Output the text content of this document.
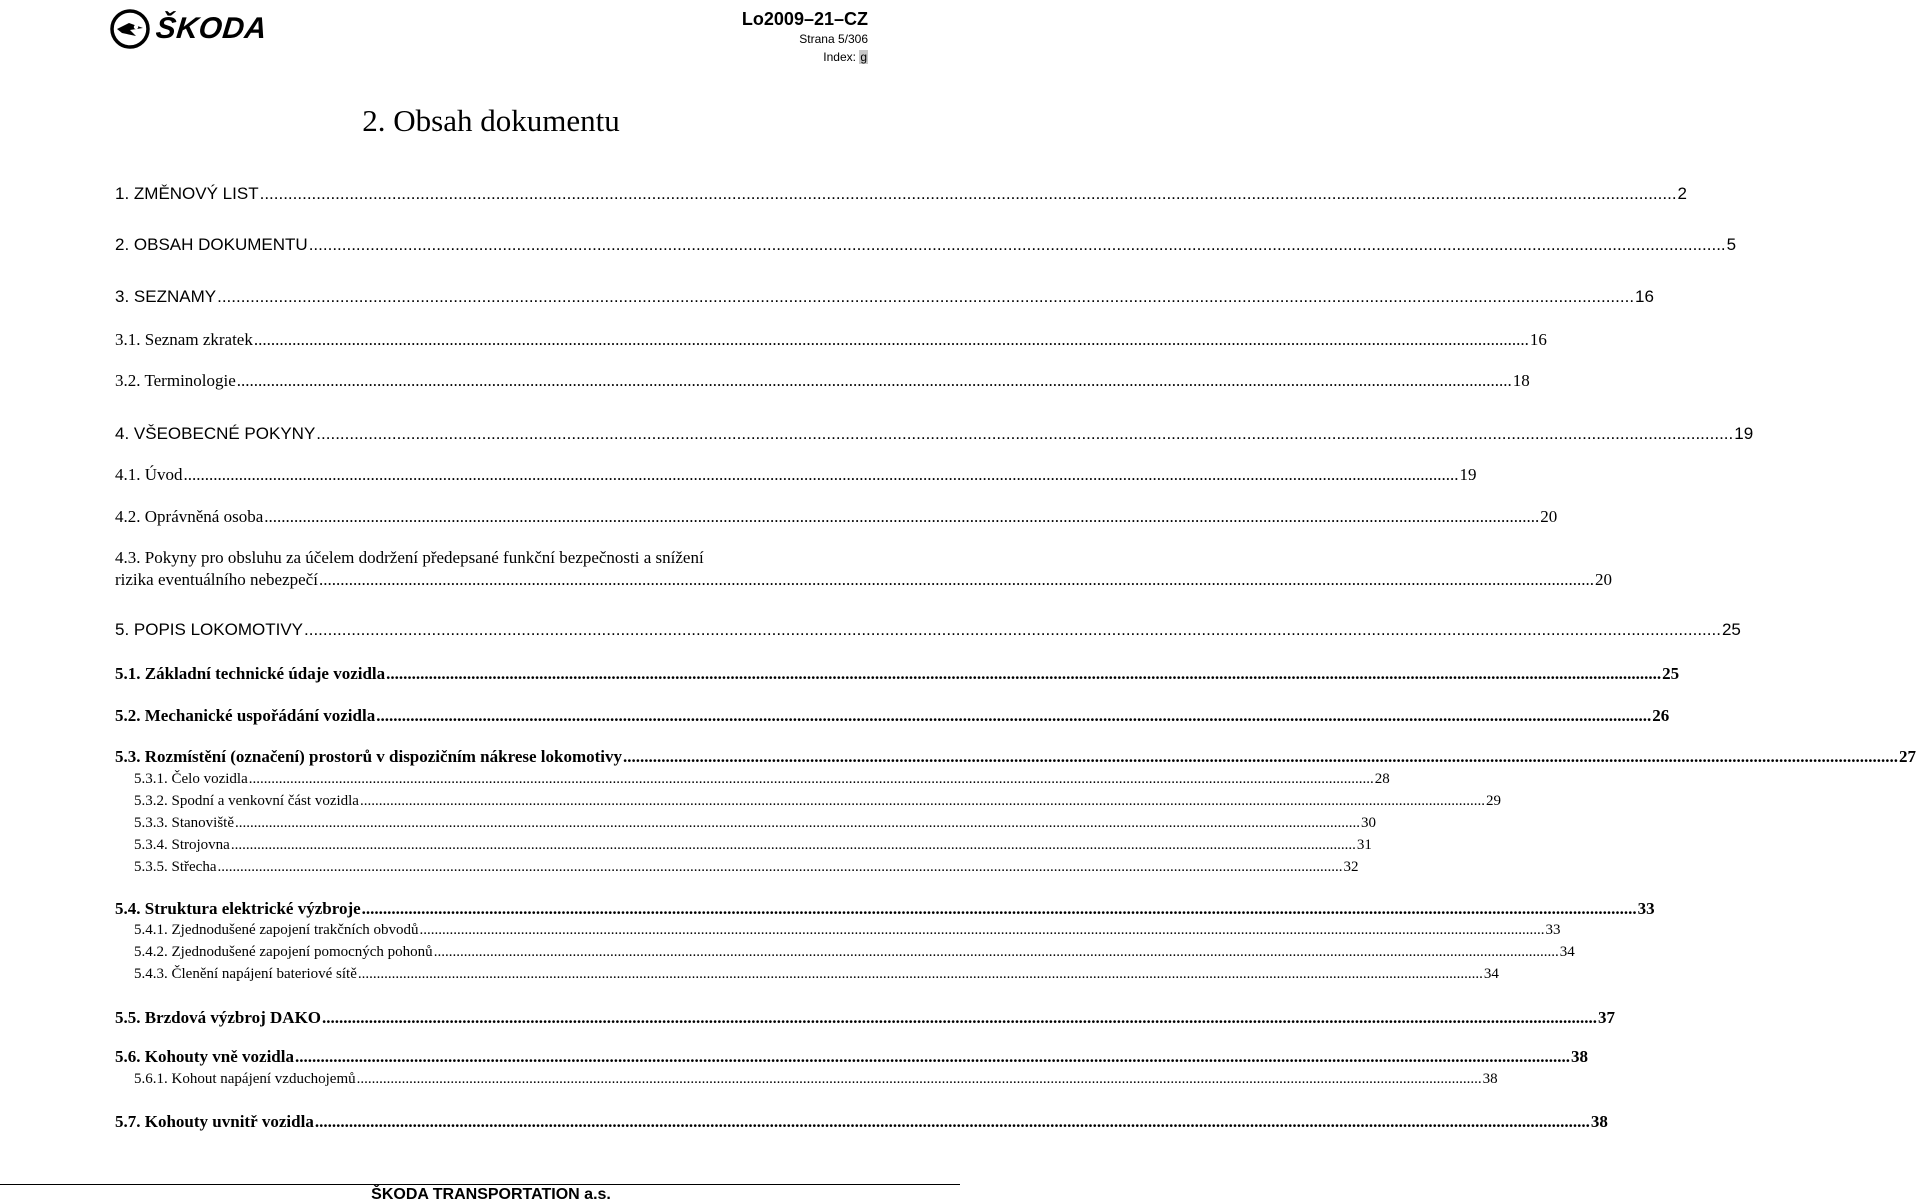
ŠKODA	Lo2009–21–CZ
Strana 5/306
Index: g
2. Obsah dokumentu
1. ZMĚNOVÝ LIST ............................................................................................................................................................................................................................................................................................................ 2
2. OBSAH DOKUMENTU ............................................................................................................................................................................................................................................................................................................ 5
3. SEZNAMY ............................................................................................................................................................................................................................................................................................................ 16
3.1. Seznam zkratek ............................................................................................................................................................................................................................................................................................................ 16
3.2. Terminologie ............................................................................................................................................................................................................................................................................................................ 18
4. VŠEOBECNÉ POKYNY ............................................................................................................................................................................................................................................................................................................ 19
4.1. Úvod ............................................................................................................................................................................................................................................................................................................ 19
4.2. Oprávněná osoba ............................................................................................................................................................................................................................................................................................................ 20
4.3. Pokyny pro obsluhu za účelem dodržení předepsané funkční bezpečnosti a snížení
rizika eventuálního nebezpečí ............................................................................................................................................................................................................................................................................................................ 20
5. POPIS LOKOMOTIVY ............................................................................................................................................................................................................................................................................................................ 25
5.1. Základní technické údaje vozidla ............................................................................................................................................................................................................................................................................................................ 25
5.2. Mechanické uspořádání vozidla ............................................................................................................................................................................................................................................................................................................ 26
5.3. Rozmístění (označení) prostorů v dispozičním nákrese lokomotivy ............................................................................................................................................................................................................................................................................................................ 27
5.3.1. Čelo vozidla ............................................................................................................................................................................................................................................................................................................ 28
5.3.2. Spodní a venkovní část vozidla ............................................................................................................................................................................................................................................................................................................ 29
5.3.3. Stanoviště ............................................................................................................................................................................................................................................................................................................ 30
5.3.4. Strojovna ............................................................................................................................................................................................................................................................................................................ 31
5.3.5. Střecha ............................................................................................................................................................................................................................................................................................................ 32
5.4. Struktura elektrické výzbroje ............................................................................................................................................................................................................................................................................................................ 33
5.4.1. Zjednodušené zapojení trakčních obvodů ............................................................................................................................................................................................................................................................................................................ 33
5.4.2. Zjednodušené zapojení pomocných pohonů ............................................................................................................................................................................................................................................................................................................ 34
5.4.3. Členění napájení bateriové sítě ............................................................................................................................................................................................................................................................................................................ 34
5.5. Brzdová výzbroj DAKO ............................................................................................................................................................................................................................................................................................................ 37
5.6. Kohouty vně vozidla ............................................................................................................................................................................................................................................................................................................ 38
5.6.1. Kohout napájení vzduchojemů ............................................................................................................................................................................................................................................................................................................ 38
5.7. Kohouty uvnitř vozidla ............................................................................................................................................................................................................................................................................................................ 38
ŠKODA TRANSPORTATION a.s.
